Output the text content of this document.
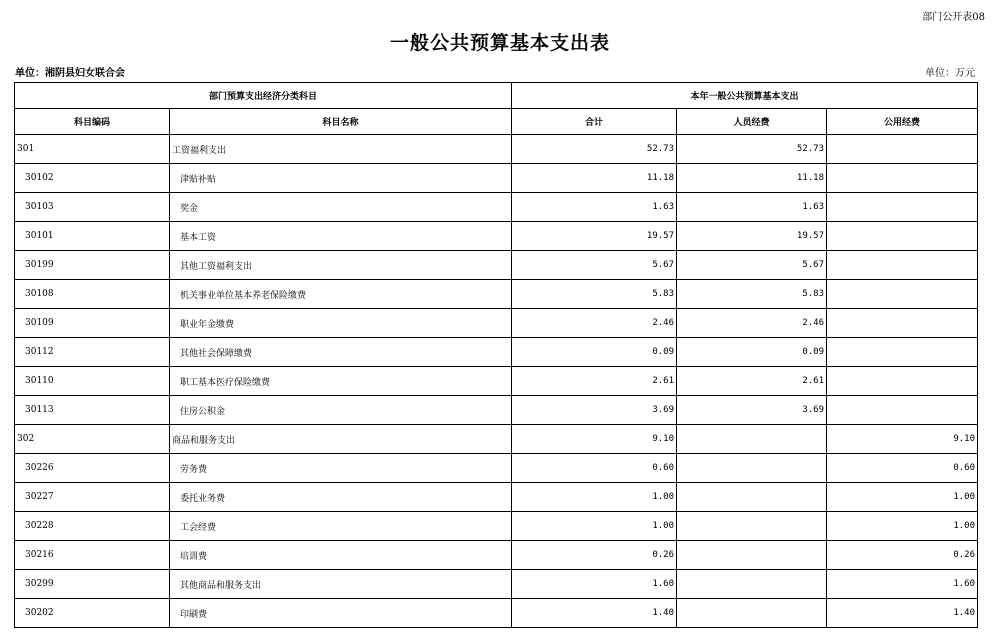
部门公开表08
一般公共预算基本支出表
单位：湘阴县妇女联合会	单位：万元
部门预算支出经济分类科目		本年一般公共预算基本支出		
科目编码	科目名称	合计	人员经费	公用经费
301	工资福利支出	52.73	52.73	
30102	津贴补贴	11.18	11.18	
30103	奖金	1.63	1.63	
30101	基本工资	19.57	19.57	
30199	其他工资福利支出	5.67	5.67	
30108	机关事业单位基本养老保险缴费	5.83	5.83	
30109	职业年金缴费	2.46	2.46	
30112	其他社会保障缴费	0.09	0.09	
30110	职工基本医疗保险缴费	2.61	2.61	
30113	住房公积金	3.69	3.69	
302	商品和服务支出	9.10		9.10
30226	劳务费	0.60		0.60
30227	委托业务费	1.00		1.00
30228	工会经费	1.00		1.00
30216	培训费	0.26		0.26
30299	其他商品和服务支出	1.60		1.60
30202	印刷费	1.40		1.40
